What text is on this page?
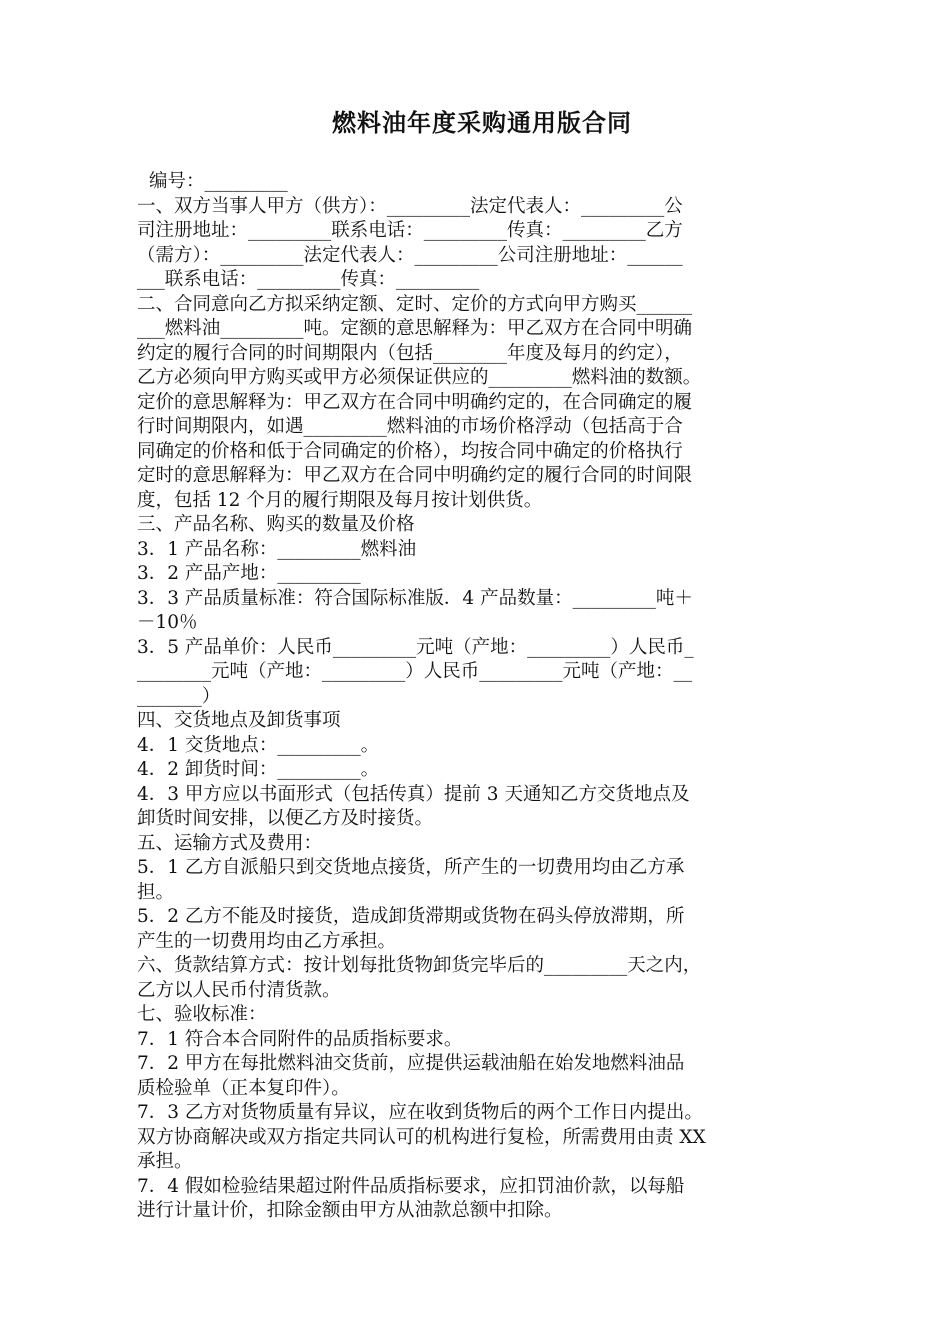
燃料油年度采购通用版合同
编号：_________
一、双方当事人甲方（供方）：_________法定代表人：_________公
司注册地址：_________联系电话：_________传真：_________乙方
（需方）：_________法定代表人：_________公司注册地址：______
___联系电话：_________传真：_________
二、合同意向乙方拟采纳定额、定时、定价的方式向甲方购买______
___燃料油_________吨。定额的意思解释为：甲乙双方在合同中明确
约定的履行合同的时间期限内（包括________年度及每月的约定），
乙方必须向甲方购买或甲方必须保证供应的_________燃料油的数额。
定价的意思解释为：甲乙双方在合同中明确约定的，在合同确定的履
行时间期限内，如遇_________燃料油的市场价格浮动（包括高于合
同确定的价格和低于合同确定的价格），均按合同中确定的价格执行
定时的意思解释为：甲乙双方在合同中明确约定的履行合同的时间限
度，包括 12 个月的履行期限及每月按计划供货。
三、产品名称、购买的数量及价格
3．1 产品名称：_________燃料油
3．2 产品产地：_________
3．3 产品质量标准：符合国际标准版．4 产品数量：_________吨＋
－10％
3．5 产品单价：人民币_________元吨（产地：_________）人民币_
________元吨（产地：_________）人民币_________元吨（产地：__
_______）
四、交货地点及卸货事项
4．1 交货地点：_________。
4．2 卸货时间：_________。
4．3 甲方应以书面形式（包括传真）提前 3 天通知乙方交货地点及
卸货时间安排，以便乙方及时接货。
五、运输方式及费用：
5．1 乙方自派船只到交货地点接货，所产生的一切费用均由乙方承
担。
5．2 乙方不能及时接货，造成卸货滞期或货物在码头停放滞期，所
产生的一切费用均由乙方承担。
六、货款结算方式：按计划每批货物卸货完毕后的_________天之内，
乙方以人民币付清货款。
七、验收标准：
7．1 符合本合同附件的品质指标要求。
7．2 甲方在每批燃料油交货前，应提供运载油船在始发地燃料油品
质检验单（正本复印件）。
7．3 乙方对货物质量有异议，应在收到货物后的两个工作日内提出。
双方协商解决或双方指定共同认可的机构进行复检，所需费用由责 XX
承担。
7．4 假如检验结果超过附件品质指标要求，应扣罚油价款，以每船
进行计量计价，扣除金额由甲方从油款总额中扣除。
